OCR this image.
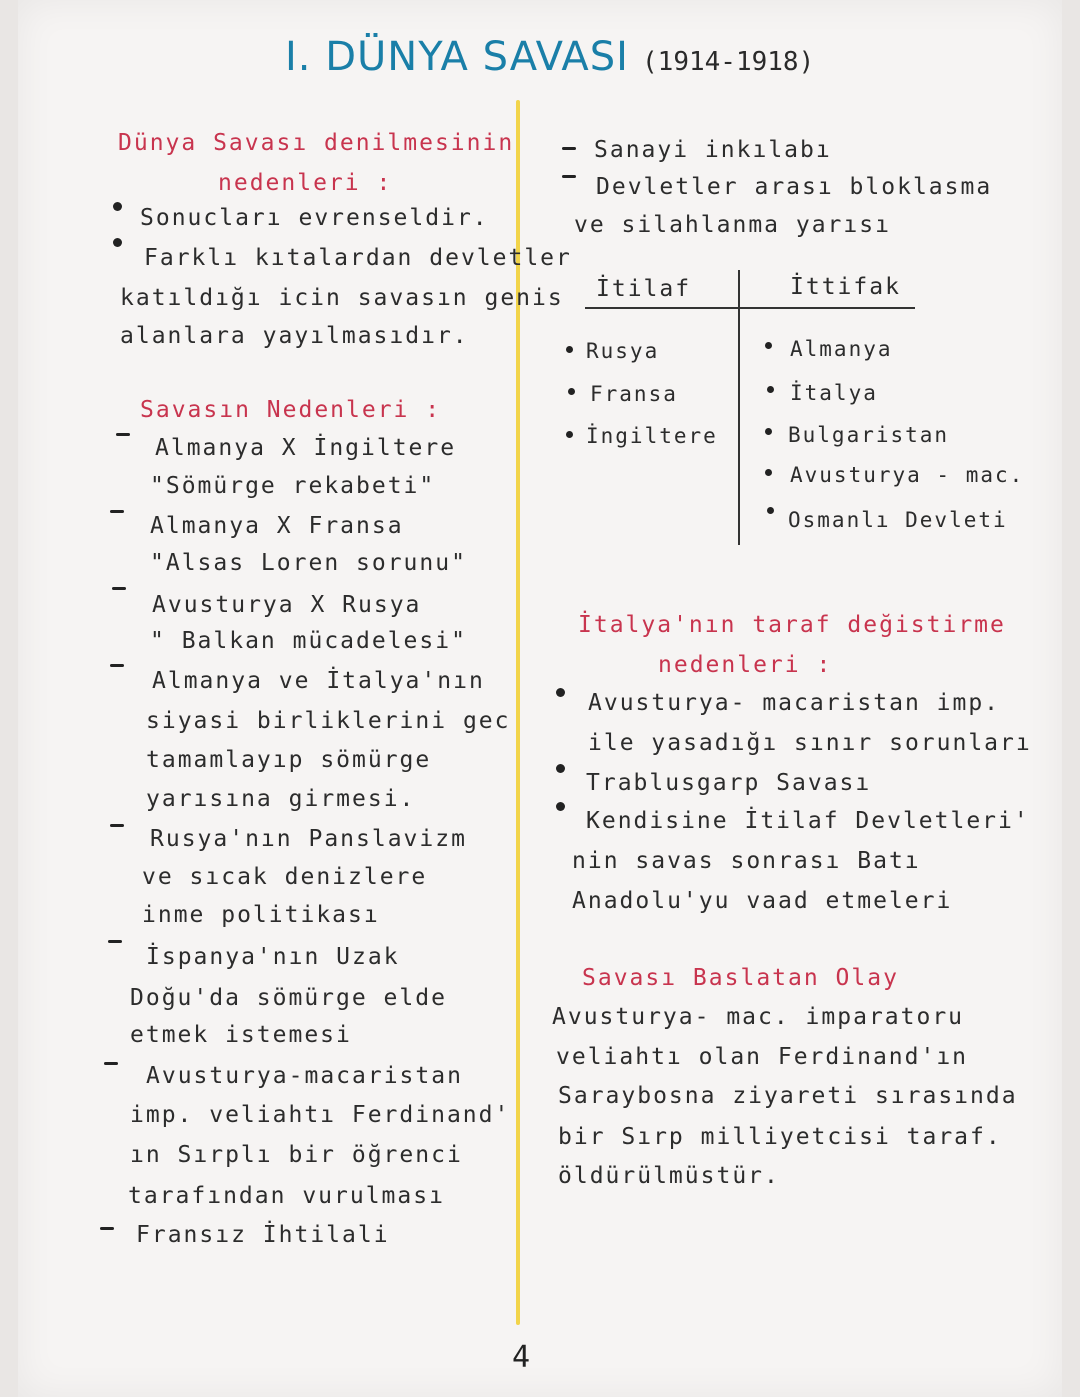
I. DÜNYA SAVASI (1914-1918)
Dünya Savası denilmesinin
nedenleri :
Sonucları evrenseldir.
Farklı kıtalardan devletler
katıldığı icin savasın genis
alanlara yayılmasıdır.
Savasın Nedenleri :
Almanya X İngiltere
"Sömürge rekabeti"
Almanya X Fransa
"Alsas Loren sorunu"
Avusturya X Rusya
" Balkan mücadelesi"
Almanya ve İtalya'nın
siyasi birliklerini gec
tamamlayıp sömürge
yarısına girmesi.
Rusya'nın Panslavizm
ve sıcak denizlere
inme politikası
İspanya'nın Uzak
Doğu'da sömürge elde
etmek istemesi
Avusturya-macaristan
imp. veliahtı Ferdinand'
ın Sırplı bir öğrenci
tarafından vurulması
Fransız İhtilali
Sanayi inkılabı
Devletler arası bloklasma
ve silahlanma yarısı
İtilaf	İttifak
Rusya
Fransa
İngiltere
Almanya
İtalya
Bulgaristan
Avusturya - mac.
Osmanlı Devleti
İtalya'nın taraf değistirme
nedenleri :
Avusturya- macaristan imp.
ile yasadığı sınır sorunları
Trablusgarp Savası
Kendisine İtilaf Devletleri'
nin savas sonrası Batı
Anadolu'yu vaad etmeleri
Savası Baslatan Olay
Avusturya- mac. imparatoru
veliahtı olan Ferdinand'ın
Saraybosna ziyareti sırasında
bir Sırp milliyetcisi taraf.
öldürülmüstür.
4
